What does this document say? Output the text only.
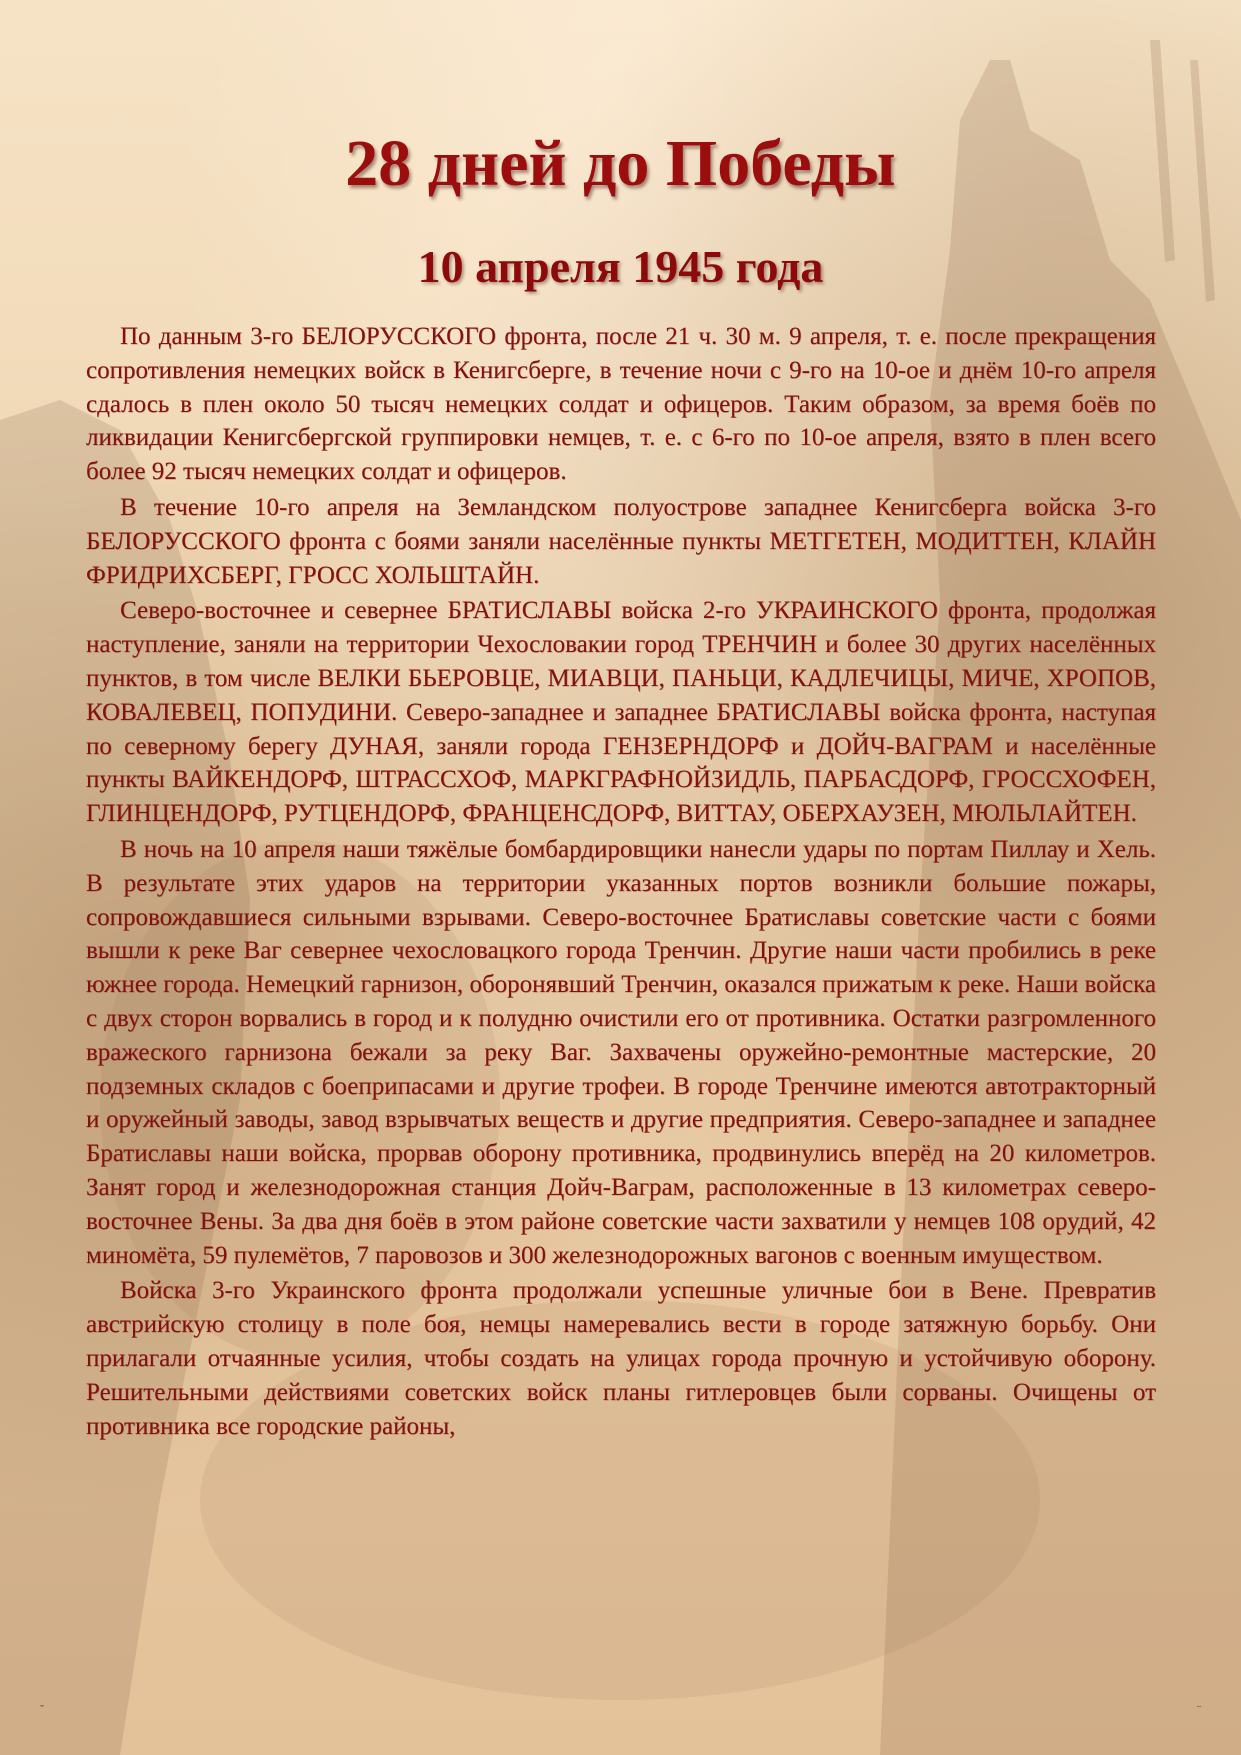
28 дней до Победы
10 апреля 1945 года

По данным 3-го БЕЛОРУССКОГО фронта, после 21 ч. 30 м. 9 апреля, т. е. после прекращения сопротивления немецких войск в Кенигсберге, в течение ночи с 9-го на 10-ое и днём 10-го апреля сдалось в плен около 50 тысяч немецких солдат и офицеров. Таким образом, за время боёв по ликвидации Кенигсбергской группировки немцев, т. е. с 6-го по 10-ое апреля, взято в плен всего более 92 тысяч немецких солдат и офицеров.

В течение 10-го апреля на Земландском полуострове западнее Кенигсберга войска 3-го БЕЛОРУССКОГО фронта с боями заняли населённые пункты МЕТГЕТЕН, МОДИТТЕН, КЛАЙН ФРИДРИХСБЕРГ, ГРОСС ХОЛЬШТАЙН.

Северо-восточнее и севернее БРАТИСЛАВЫ войска 2-го УКРАИНСКОГО фронта, продолжая наступление, заняли на территории Чехословакии город ТРЕНЧИН и более 30 других населённых пунктов, в том числе ВЕЛКИ БЬЕРОВЦЕ, МИАВЦИ, ПАНЬЦИ, КАДЛЕЧИЦЫ, МИЧЕ, ХРОПОВ, КОВАЛЕВЕЦ, ПОПУДИНИ. Северо-западнее и западнее БРАТИСЛАВЫ войска фронта, наступая по северному берегу ДУНАЯ, заняли города ГЕНЗЕРНДОРФ и ДОЙЧ-ВАГРАМ и населённые пункты ВАЙКЕНДОРФ, ШТРАССХОФ, МАРКГРАФНОЙЗИДЛЬ, ПАРБАСДОРФ, ГРОССХОФЕН, ГЛИНЦЕНДОРФ, РУТЦЕНДОРФ, ФРАНЦЕНСДОРФ, ВИТТАУ, ОБЕРХАУЗЕН, МЮЛЬЛАЙТЕН.

В ночь на 10 апреля наши тяжёлые бомбардировщики нанесли удары по портам Пиллау и Хель. В результате этих ударов на территории указанных портов возникли большие пожары, сопровождавшиеся сильными взрывами. Северо-восточнее Братиславы советские части с боями вышли к реке Ваг севернее чехословацкого города Тренчин. Другие наши части пробились в реке южнее города. Немецкий гарнизон, оборонявший Тренчин, оказался прижатым к реке. Наши войска с двух сторон ворвались в город и к полудню очистили его от противника. Остатки разгромленного вражеского гарнизона бежали за реку Ваг. Захвачены оружейно-ремонтные мастерские, 20 подземных складов с боеприпасами и другие трофеи. В городе Тренчине имеются автотракторный и оружейный заводы, завод взрывчатых веществ и другие предприятия. Северо-западнее и западнее Братиславы наши войска, прорвав оборону противника, продвинулись вперёд на 20 километров. Занят город и железнодорожная станция Дойч-Ваграм, расположенные в 13 километрах северо-восточнее Вены. За два дня боёв в этом районе советские части захватили у немцев 108 орудий, 42 миномёта, 59 пулемётов, 7 паровозов и 300 железнодорожных вагонов с военным имуществом.

Войска 3-го Украинского фронта продолжали успешные уличные бои в Вене. Превратив австрийскую столицу в поле боя, немцы намеревались вести в городе затяжную борьбу. Они прилагали отчаянные усилия, чтобы создать на улицах города прочную и устойчивую оборону. Решительными действиями советских войск планы гитлеровцев были сорваны. Очищены от противника все городские районы,

˘	¨
